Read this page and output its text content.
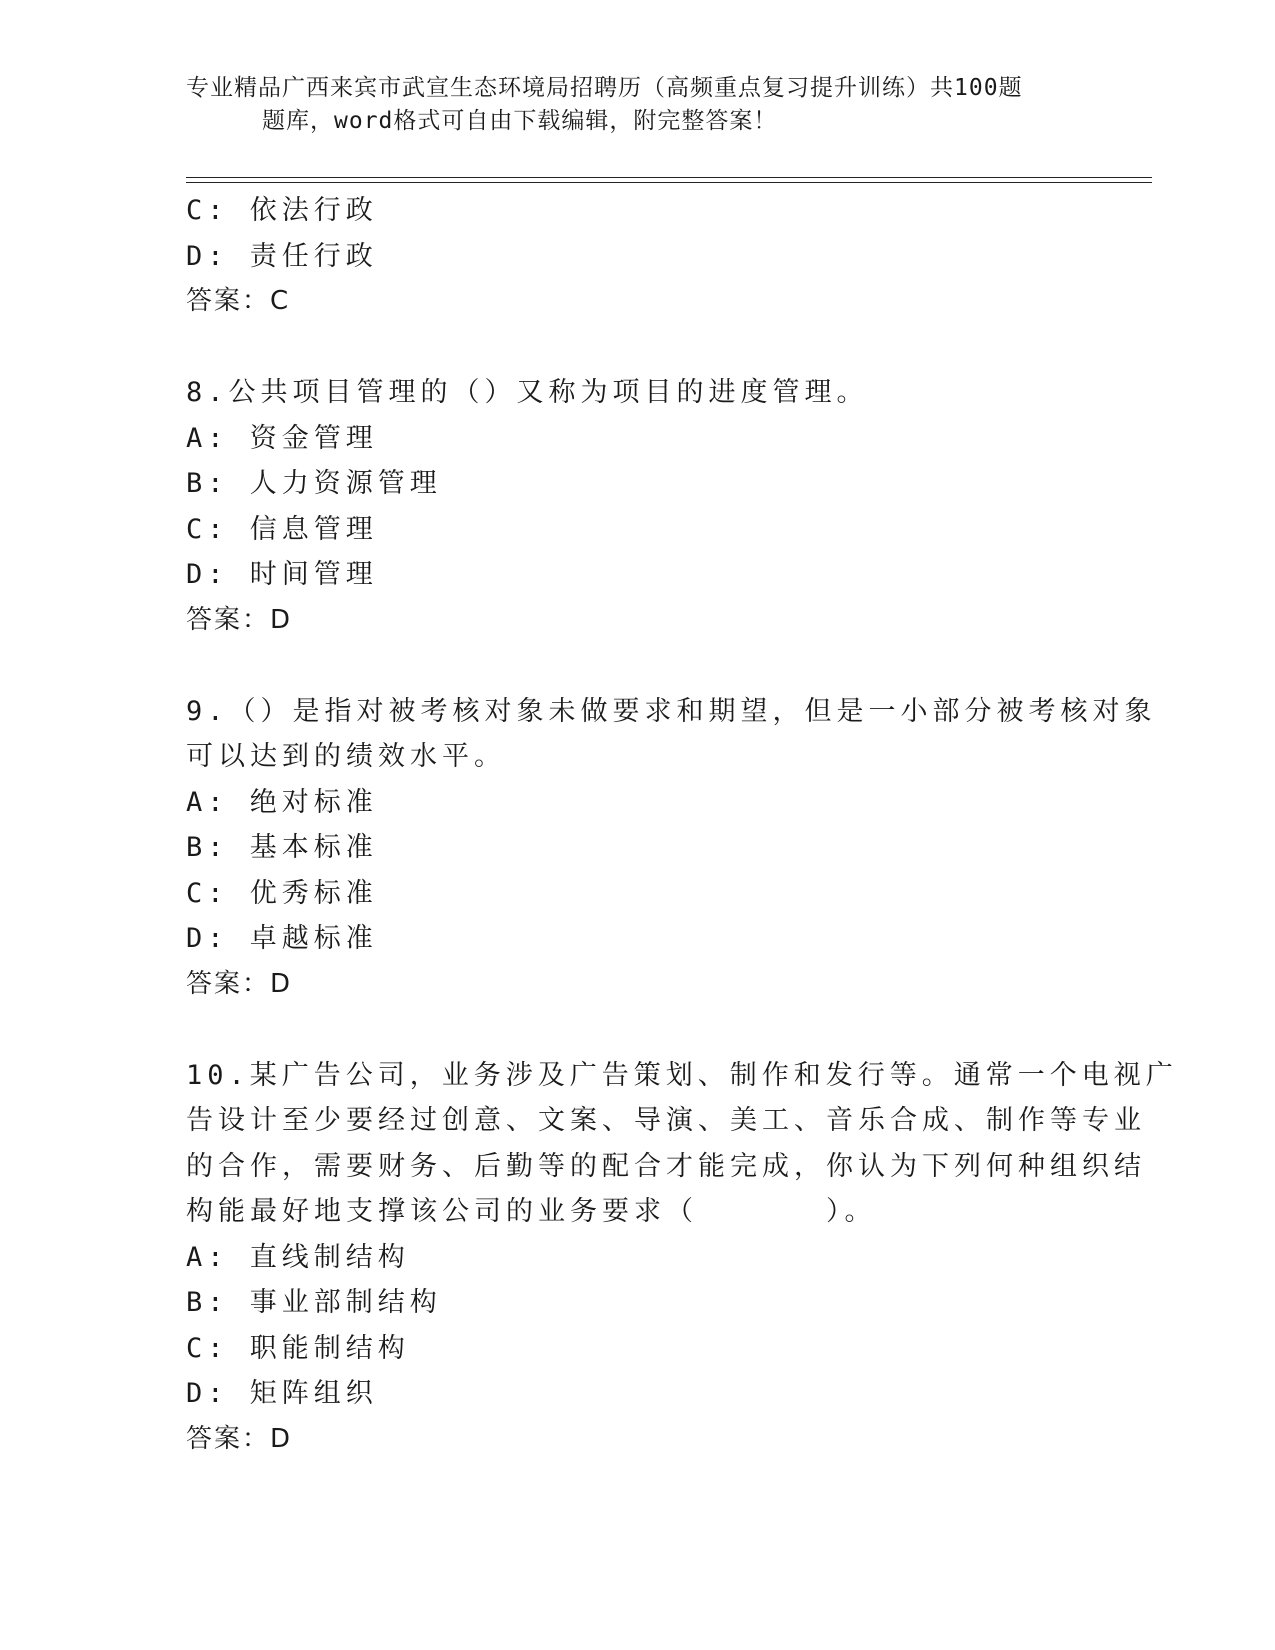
专业精品广西来宾市武宣生态环境局招聘历（高频重点复习提升训练）共100题
题库，word格式可自由下载编辑，附完整答案！
C: 依法行政
D: 责任行政
答案：C
8.公共项目管理的（）又称为项目的进度管理。
A: 资金管理
B: 人力资源管理
C: 信息管理
D: 时间管理
答案：D
9.（）是指对被考核对象未做要求和期望，但是一小部分被考核对象
可以达到的绩效水平。
A: 绝对标准
B: 基本标准
C: 优秀标准
D: 卓越标准
答案：D
10.某广告公司，业务涉及广告策划、制作和发行等。通常一个电视广
告设计至少要经过创意、文案、导演、美工、音乐合成、制作等专业
的合作，需要财务、后勤等的配合才能完成，你认为下列何种组织结
构能最好地支撑该公司的业务要求（　　　　）。
A: 直线制结构
B: 事业部制结构
C: 职能制结构
D: 矩阵组织
答案：D
